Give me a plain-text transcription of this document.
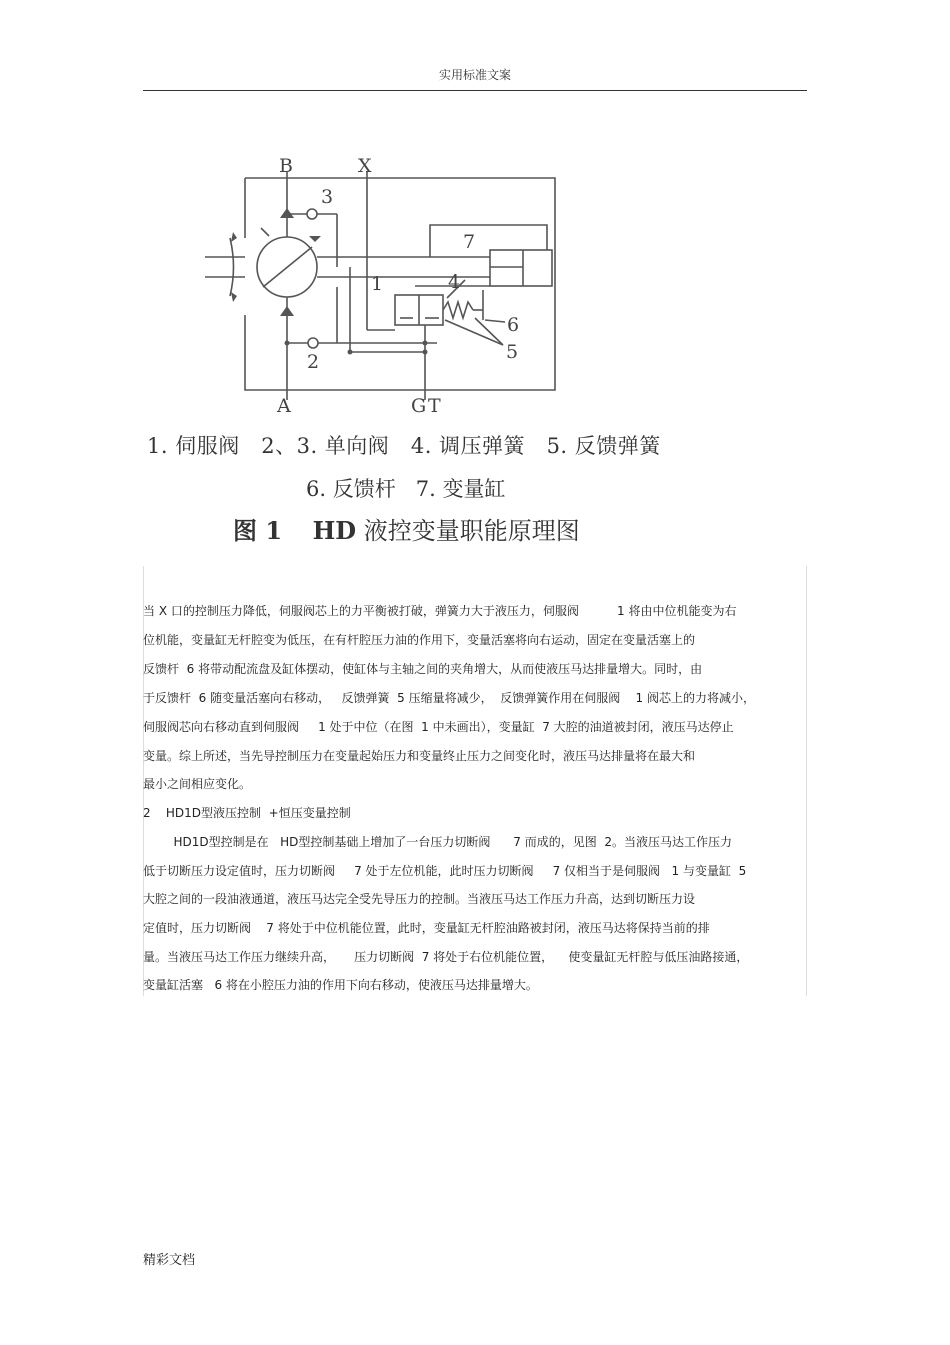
实用标准文案
B	X
3
7
1	4
6
5
2
A	G T
1. 伺服阀   2、3. 单向阀   4. 调压弹簧   5. 反馈弹簧
6. 反馈杆   7. 变量缸
图 1 HD 液控变量职能原理图
当 X 口的控制压力降低，伺服阀芯上的力平衡被打破，弹簧力大于液压力，伺服阀          1 将由中位机能变为右
位机能，变量缸无杆腔变为低压，在有杆腔压力油的作用下，变量活塞将向右运动，固定在变量活塞上的
反馈杆  6 将带动配流盘及缸体摆动，使缸体与主轴之间的夹角增大，从而使液压马达排量增大。同时，由
于反馈杆  6 随变量活塞向右移动，   反馈弹簧  5 压缩量将减少，  反馈弹簧作用在伺服阀    1 阀芯上的力将减小，
伺服阀芯向右移动直到伺服阀     1 处于中位（在图  1 中未画出），变量缸  7 大腔的油道被封闭，液压马达停止
变量。综上所述，当先导控制压力在变量起始压力和变量终止压力之间变化时，液压马达排量将在最大和
最小之间相应变化。
2    HD1D型液压控制  +恒压变量控制
HD1D型控制是在   HD型控制基础上增加了一台压力切断阀      7 而成的，见图  2。当液压马达工作压力
低于切断压力设定值时，压力切断阀     7 处于左位机能，此时压力切断阀     7 仅相当于是伺服阀   1 与变量缸  5
大腔之间的一段油液通道，液压马达完全受先导压力的控制。当液压马达工作压力升高，达到切断压力设
定值时，压力切断阀    7 将处于中位机能位置，此时，变量缸无杆腔油路被封闭，液压马达将保持当前的排
量。当液压马达工作压力继续升高，     压力切断阀  7 将处于右位机能位置，    使变量缸无杆腔与低压油路接通，
变量缸活塞   6 将在小腔压力油的作用下向右移动，使液压马达排量增大。
精彩文档
